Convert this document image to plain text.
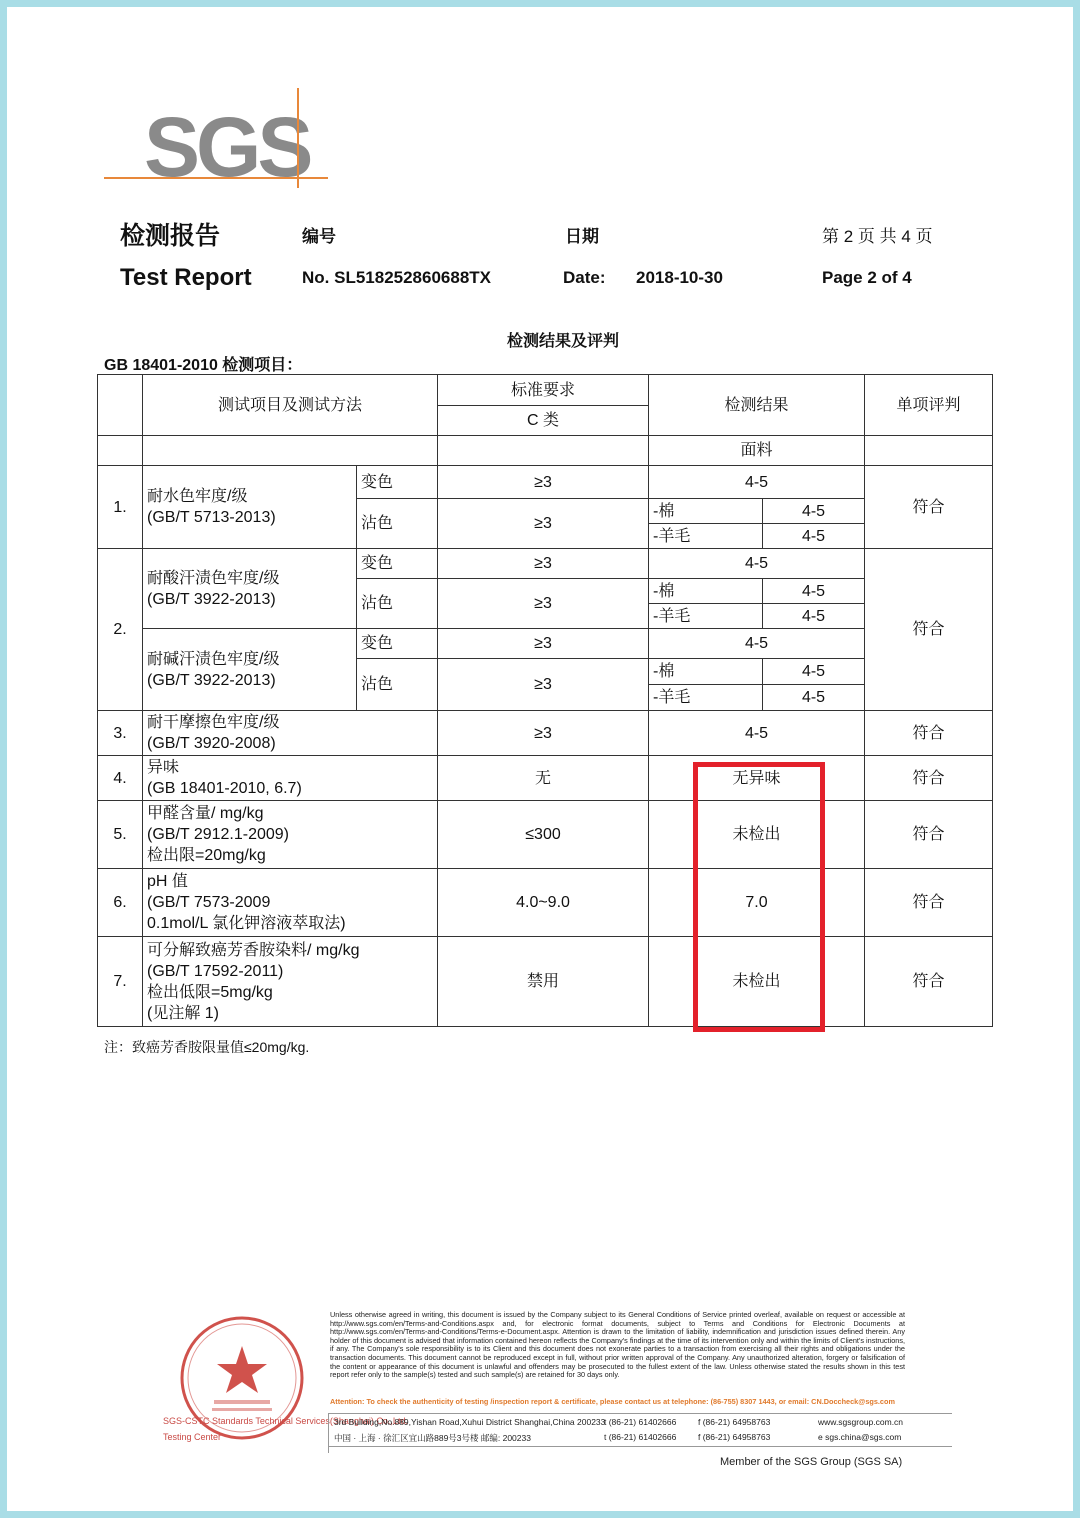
SGS
检测报告
Test Report
编号	日期	第 2 页 共 4 页
No. SL518252860688TX	Date: 2018-10-30	Page 2 of 4
检测结果及评判
GB 18401-2010 检测项目：
	测试项目及测试方法		标准要求	检测结果		单项评判
			C 类			
				面料		
1.	耐水色牢度/级
(GB/T 5713-2013)	变色	≥3	4-5		符合
		沾色	≥3	-棉	4-5	
				-羊毛	4-5	
2.	耐酸汗渍色牢度/级
(GB/T 3922-2013)	变色	≥3	4-5		符合
		沾色	≥3	-棉	4-5	
				-羊毛	4-5	
	耐碱汗渍色牢度/级
(GB/T 3922-2013)	变色	≥3	4-5		
		沾色	≥3	-棉	4-5	
				-羊毛	4-5	
3.	耐干摩擦色牢度/级
(GB/T 3920-2008)		≥3	4-5		符合
4.	异味
(GB 18401-2010, 6.7)		无	无异味		符合
5.	甲醛含量/ mg/kg
(GB/T 2912.1-2009)
检出限=20mg/kg		≤300	未检出		符合
6.	pH 值
(GB/T 7573-2009
0.1mol/L 氯化钾溶液萃取法)		4.0~9.0	7.0		符合
7.	可分解致癌芳香胺染料/ mg/kg
(GB/T 17592-2011)
检出低限=5mg/kg
(见注解 1)		禁用	未检出		符合
注：致癌芳香胺限量值≤20mg/kg.
SGS-CSTC Standards Technical Services(Shanghai) Co.,Ltd.
Testing Center
Unless otherwise agreed in writing, this document is issued by the Company subject to its General Conditions of Service printed overleaf, available on request or accessible at http://www.sgs.com/en/Terms-and-Conditions.aspx and, for electronic format documents, subject to Terms and Conditions for Electronic Documents at http://www.sgs.com/en/Terms-and-Conditions/Terms-e-Document.aspx. Attention is drawn to the limitation of liability, indemnification and jurisdiction issues defined therein. Any holder of this document is advised that information contained hereon reflects the Company's findings at the time of its intervention only and within the limits of Client's instructions, if any. The Company's sole responsibility is to its Client and this document does not exonerate parties to a transaction from exercising all their rights and obligations under the transaction documents. This document cannot be reproduced except in full, without prior written approval of the Company. Any unauthorized alteration, forgery or falsification of the content or appearance of this document is unlawful and offenders may be prosecuted to the fullest extent of the law. Unless otherwise stated the results shown in this test report refer only to the sample(s) tested and such sample(s) are retained for 30 days only.
Attention: To check the authenticity of testing /inspection report & certificate, please contact us at telephone: (86-755) 8307 1443, or email: CN.Doccheck@sgs.com
3rd Building,No.889,Yishan Road,Xuhui District Shanghai,China 200233
中国 · 上海 · 徐汇区宜山路889号3号楼 邮编: 200233
t (86-21) 61402666
t (86-21) 61402666
f (86-21) 64958763
f (86-21) 64958763
www.sgsgroup.com.cn
e sgs.china@sgs.com
Member of the SGS Group (SGS SA)
